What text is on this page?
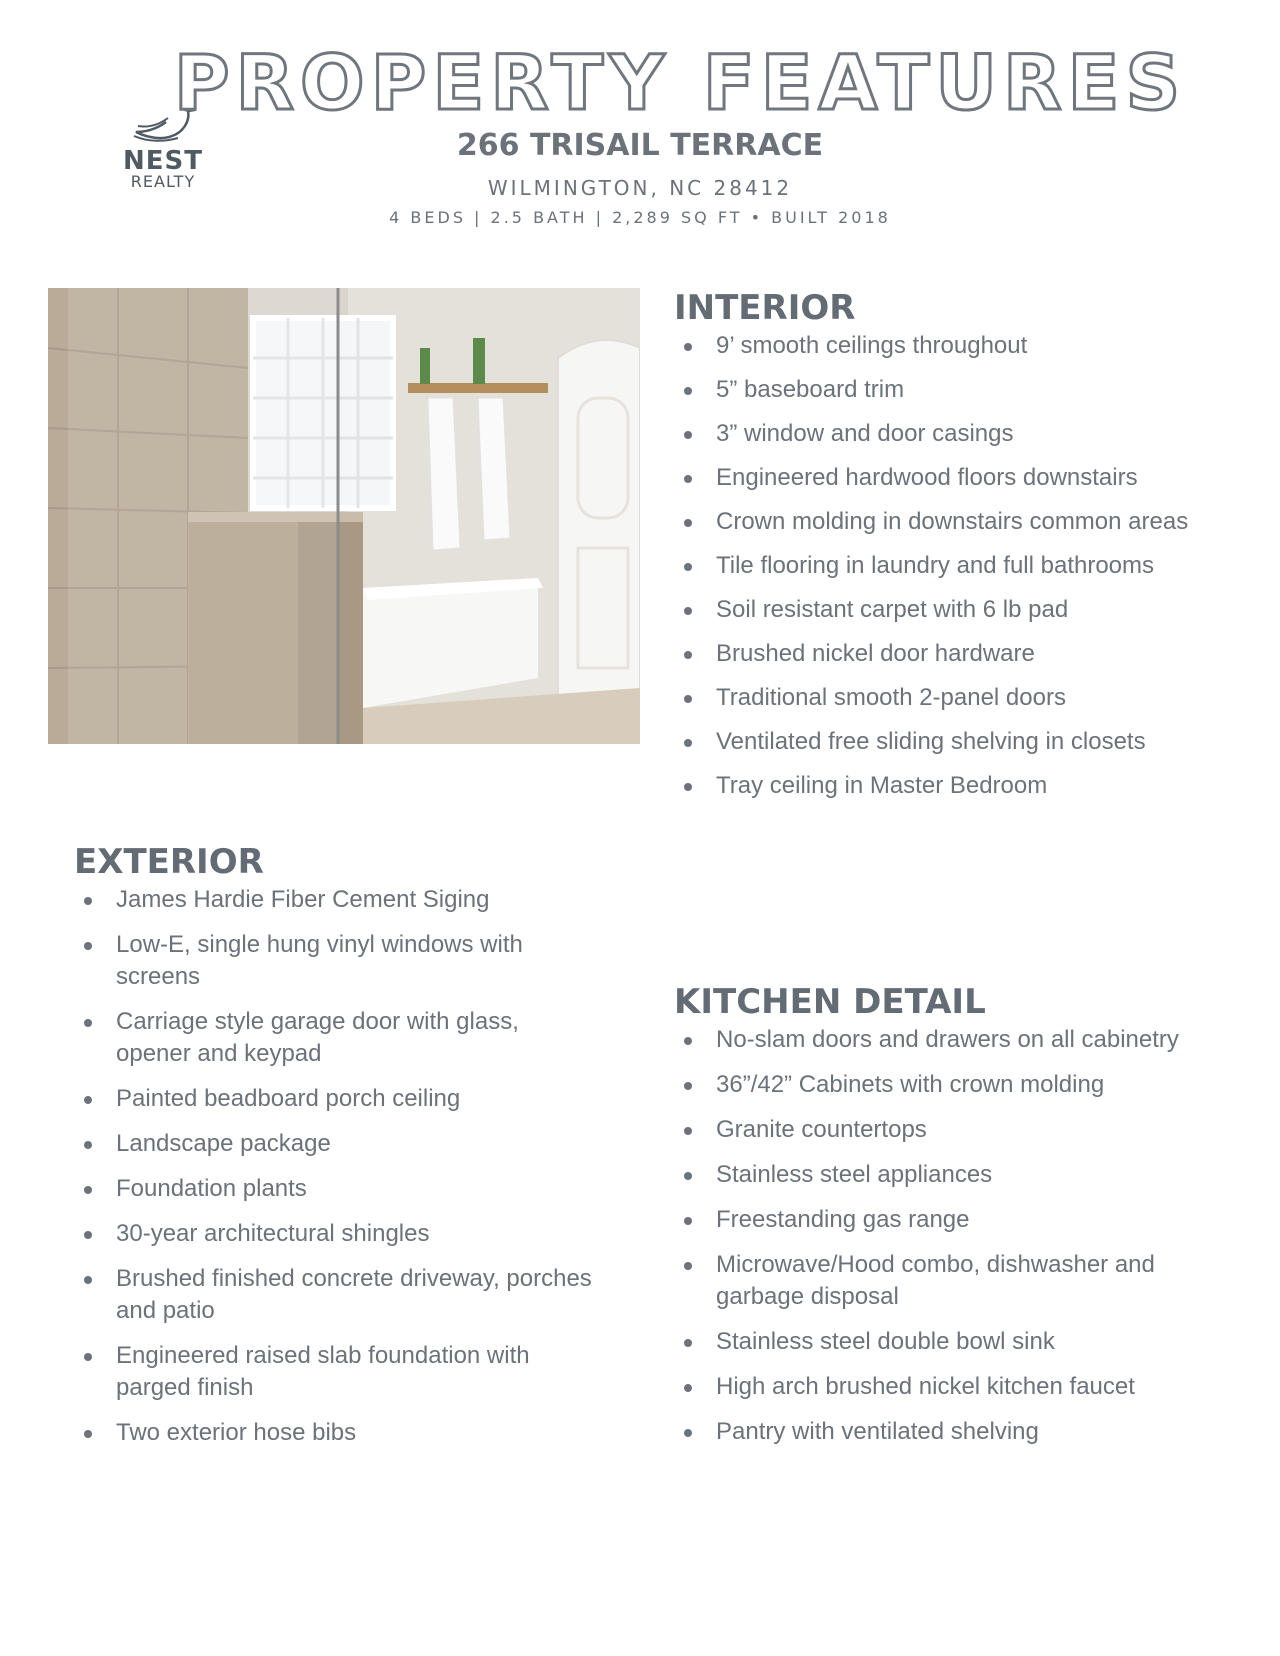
NEST
REALTY
PROPERTY FEATURES
266 TRISAIL TERRACE
WILMINGTON, NC 28412
4 BEDS | 2.5 BATH | 2,289 SQ FT • BUILT 2018
INTERIOR
9’ smooth ceilings throughout
5” baseboard trim
3” window and door casings
Engineered hardwood floors downstairs
Crown molding in downstairs common areas
Tile flooring in laundry and full bathrooms
Soil resistant carpet with 6 lb pad
Brushed nickel door hardware
Traditional smooth 2-panel doors
Ventilated free sliding shelving in closets
Tray ceiling in Master Bedroom
EXTERIOR
James Hardie Fiber Cement Siging
Low-E, single hung vinyl windows with screens
Carriage style garage door with glass, opener and keypad
Painted beadboard porch ceiling
Landscape package
Foundation plants
30-year architectural shingles
Brushed finished concrete driveway, porches and patio
Engineered raised slab foundation with parged finish
Two exterior hose bibs
KITCHEN DETAIL
No-slam doors and drawers on all cabinetry
36”/42” Cabinets with crown molding
Granite countertops
Stainless steel appliances
Freestanding gas range
Microwave/Hood combo, dishwasher and garbage disposal
Stainless steel double bowl sink
High arch brushed nickel kitchen faucet
Pantry with ventilated shelving
